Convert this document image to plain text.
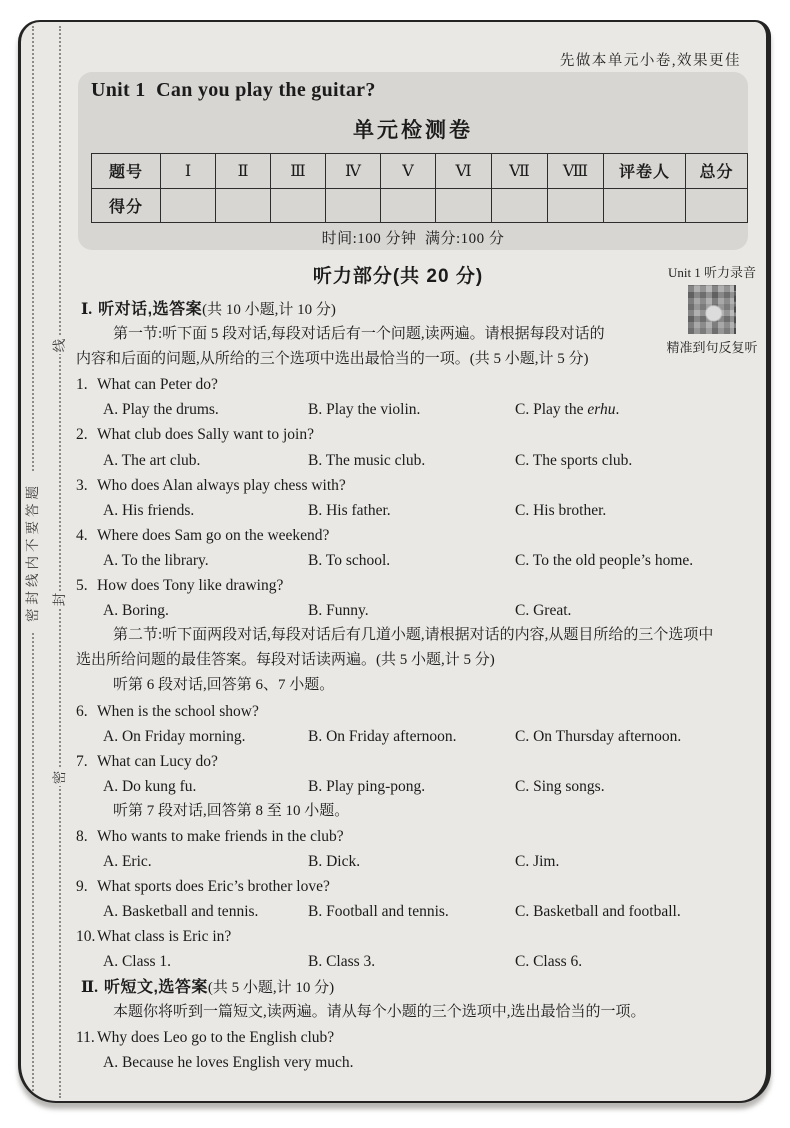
密封线内不要答题
线
封
密
先做本单元小卷,效果更佳
Unit 1  Can you play the guitar?
单元检测卷
题号	Ⅰ	Ⅱ	Ⅲ	Ⅳ	Ⅴ	Ⅵ	Ⅶ	Ⅷ	评卷人	总分
得分										
时间:100 分钟  满分:100 分
听力部分(共 20 分)	Unit 1 听力录音
精准到句反复听
Ⅰ. 听对话,选答案(共 10 小题,计 10 分)
第一节:听下面 5 段对话,每段对话后有一个问题,读两遍。请根据每段对话的
内容和后面的问题,从所给的三个选项中选出最恰当的一项。(共 5 小题,计 5 分)
1. What can Peter do?
A. Play the drums.	B. Play the violin.	C. Play the erhu.
2. What club does Sally want to join?
A. The art club.	B. The music club.	C. The sports club.
3. Who does Alan always play chess with?
A. His friends.	B. His father.	C. His brother.
4. Where does Sam go on the weekend?
A. To the library.	B. To school.	C. To the old people’s home.
5. How does Tony like drawing?
A. Boring.	B. Funny.	C. Great.
第二节:听下面两段对话,每段对话后有几道小题,请根据对话的内容,从题目所给的三个选项中
选出所给问题的最佳答案。每段对话读两遍。(共 5 小题,计 5 分)
听第 6 段对话,回答第 6、7 小题。
6. When is the school show?
A. On Friday morning.	B. On Friday afternoon.	C. On Thursday afternoon.
7. What can Lucy do?
A. Do kung fu.	B. Play ping-pong.	C. Sing songs.
听第 7 段对话,回答第 8 至 10 小题。
8. Who wants to make friends in the club?
A. Eric.	B. Dick.	C. Jim.
9. What sports does Eric’s brother love?
A. Basketball and tennis.	B. Football and tennis.	C. Basketball and football.
10. What class is Eric in?
A. Class 1.	B. Class 3.	C. Class 6.
Ⅱ. 听短文,选答案(共 5 小题,计 10 分)
本题你将听到一篇短文,读两遍。请从每个小题的三个选项中,选出最恰当的一项。
11. Why does Leo go to the English club?
A. Because he loves English very much.
